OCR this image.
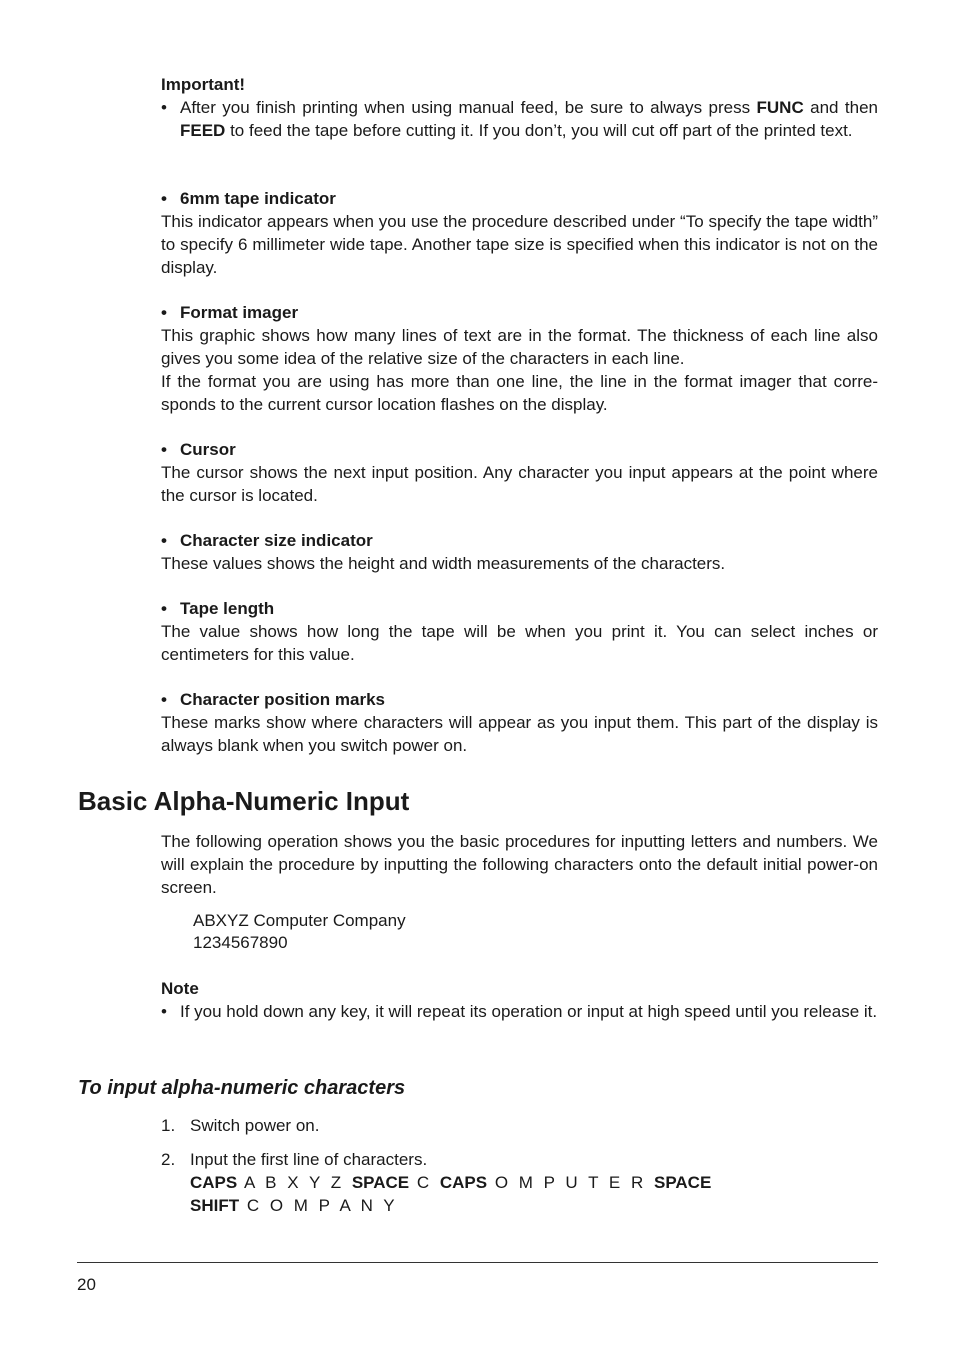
Important!
• After you finish printing when using manual feed, be sure to always press FUNC and then FEED to feed the tape before cutting it. If you don’t, you will cut off part of the printed text.
• 6mm tape indicator
This indicator appears when you use the procedure described under “To specify the tape width” to specify 6 millimeter wide tape. Another tape size is specified when this indicator is not on the display.
• Format imager
This graphic shows how many lines of text are in the format. The thickness of each line also gives you some idea of the relative size of the characters in each line.
If the format you are using has more than one line, the line in the format imager that corre-sponds to the current cursor location flashes on the display.
• Cursor
The cursor shows the next input position. Any character you input appears at the point where the cursor is located.
• Character size indicator
These values shows the height and width measurements of the characters.
• Tape length
The value shows how long the tape will be when you print it. You can select inches or centimeters for this value.
• Character position marks
These marks show where characters will appear as you input them. This part of the display is always blank when you switch power on.
Basic Alpha-Numeric Input
The following operation shows you the basic procedures for inputting letters and numbers. We will explain the procedure by inputting the following characters onto the default initial power-on screen.
ABXYZ Computer Company
1234567890
Note
• If you hold down any key, it will repeat its operation or input at high speed until you release it.
To input alpha-numeric characters
1. Switch power on.
2. Input the first line of characters.
CAPS A B X Y Z SPACE C CAPS O M P U T E R SPACE
SHIFT C O M P A N Y
20
